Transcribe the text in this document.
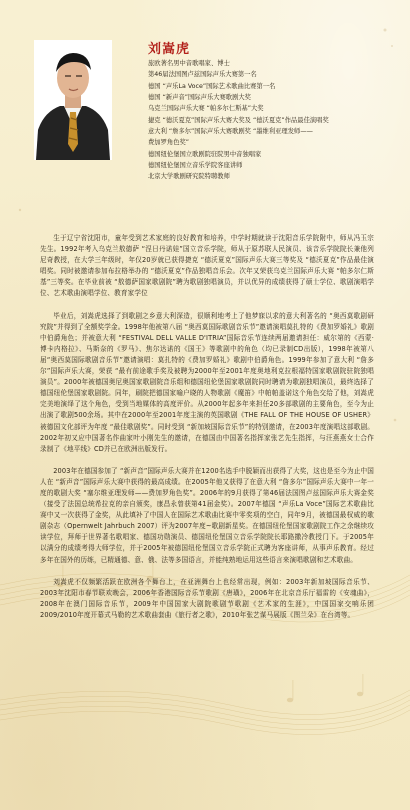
刘嵩虎
旅欧著名男中音歌唱家、博士
第46届法国图卢兹国际声乐大赛第一名
德国 “声乐La Voce”国际艺术歌曲比赛第一名
德国 “新声音”国际声乐大赛歌剧大奖
乌克兰国际声乐大赛 “帕多尔仁斯基”大奖
捷克 “德沃夏克”国际声乐大赛大奖及 “德沃夏克”作品最佳演唱奖
意大利 “詹多尔”国际声乐大赛歌剧奖 “墨维利亚理发师——
费加罗角色奖”
德国纽伦堡国立歌剧院驻院男中音独唱家
德国纽伦堡国立音乐学院客座讲师
北京大学歌剧研究院特聘教师

生于辽宁省沈阳市，童年受到艺术家庭的良好教育和培养，中学时期就读于沈阳音乐学院附中，师从冯玉宗先生。1992年考入乌克兰敖德萨 “涅日丹诺娃”国立音乐学院，师从于原苏联人民演员、该音乐学院院长兼他列尼奇教授，在大学三年级时，年仅20岁就已获得捷克 “德沃夏克”国际声乐大赛三等奖及 “德沃夏克”作品最佳演唱奖。同时被邀请参加布拉格举办的 “德沃夏克”作品独唱音乐会。次年又荣获乌克兰国际声乐大赛 “帕多尔仁斯基”三等奖。在毕业前被 “敖德萨国家歌剧院”聘为歌剧独唱演员，并以优异的成绩获得了硕士学位、歌剧演唱学位、艺术歌曲演唱学位、教育家学位

毕业后，刘嵩虎选择了到歌剧之乡意大利深造，很顺利地考上了他梦寐以求的意大利著名的 “奥西莫歌剧研究院”并得到了全额奖学金。1998年他被第八届 “奥西莫国际歌剧音乐节”邀请演唱莫扎特的《费加罗婚礼》歌剧中伯爵角色；并被意大利 “FESTIVAL DELL VALLE D'ITRIA”国际音乐节连续两届邀请担任：威尔第的《西蒙·博卡内格拉》、马斯奈的《罗马》、焦尔达诺的《国王》等歌剧中的角色（均已录制CD出版），1998年被第八届“奥西莫国际歌剧音乐节”邀请演唱：莫扎特的《费加罗婚礼》歌剧中伯爵角色。1999年参加了意大利 “詹多尔”国际声乐大赛，荣获 “最有前途歌手奖及被聘为2000年至2001年度奥地利克拉根福特国家歌剧院驻院独唱演员”。2000年被德国奥尼奥国家歌剧院音乐组和德国纽伦堡国家歌剧院同时聘请为歌剧独唱演员，最终选择了德国纽伦堡国家歌剧院。同年，刷院把德国家喻户晓的人物歌剧《魔笛》中帕帕盖诺这个角色交给了他，刘嵩虎完美地演绎了这个角色，受到当地媒体的高度评价。从2000年起多年来担任20多部歌剧的主要角色，至今为止出演了歌剧500余场。其中在2000年至2001年度主演的英国歌剧《THE FALL OF THE HOUSE OF USHER》被德国文化部评为年度 “最佳歌剧奖”。同时受到 “新加坡国际音乐节”的特别邀请，在2003年度演唱这部歌剧。2002年初又应中国著名作曲家叶小刚先生的邀请，在德国由中国著名指挥家张艺先生指挥，与汪燕燕女士合作录制了《地平线》CD并已在欧洲出版发行。

2003年在德国参加了 “新声音”国际声乐大赛并在1200名选手中脱颖而出获得了大奖，这也是至今为止中国人在 “新声音”国际声乐大赛中获得的最高成绩。在2005年他又获得了在意大利 “詹多尔”国际声乐大赛中一年一度的歌剧大奖 “塞尔维亚理发师——费加罗角色奖”。2006年的9月获得了第46届法国图卢兹国际声乐大赛金奖（接受了法国总统希拉克的亲自颁奖，康昌永曾获第41届金奖）。2007年德国 “声乐La Voce”国际艺术歌曲比赛中又一次获得了金奖，从此填补了中国人在国际艺术歌曲比赛中零奖项的空白，同年9月，被德国最权威的歌剧杂志（Opernwelt Jahrbuch 2007）评为2007年度~歌剧新星奖。在德国纽伦堡国家歌剧院工作之余继续攻读学位，拜师于世界著名歌唱家、德国功勋演员、德国纽伦堡国立音乐学院院长耶路撒冷教授门下。于2005年以满分的成绩考得大师学位，并于2005年被德国纽伦堡国立音乐学院正式聘为客座讲师，从事声乐教育。经过多年在国外的历练，已精通德、意、俄、法等多国语言，并能纯熟地运用这些语言来演唱歌剧和艺术歌曲。

刘嵩虎不仅频繁活跃在欧洲各个舞台上，在亚洲舞台上也经常出现，例如：2003年新加坡国际音乐节、2003年沈阳市春节联欢晚会，2006年香港国际音乐节歌剧《唐璜》，2006年在北京音乐厅福雷的《安魂曲》，2008年在澳门国际音乐节，2009年中国国家大剧院歌剧节歌剧《艺术家的生涯》，中国国家交响乐团2009/2010年度开幕式马勒的艺术歌曲套曲《旅行者之歌》，2010年张艺谋马展版《图兰朵》在台湾等。
